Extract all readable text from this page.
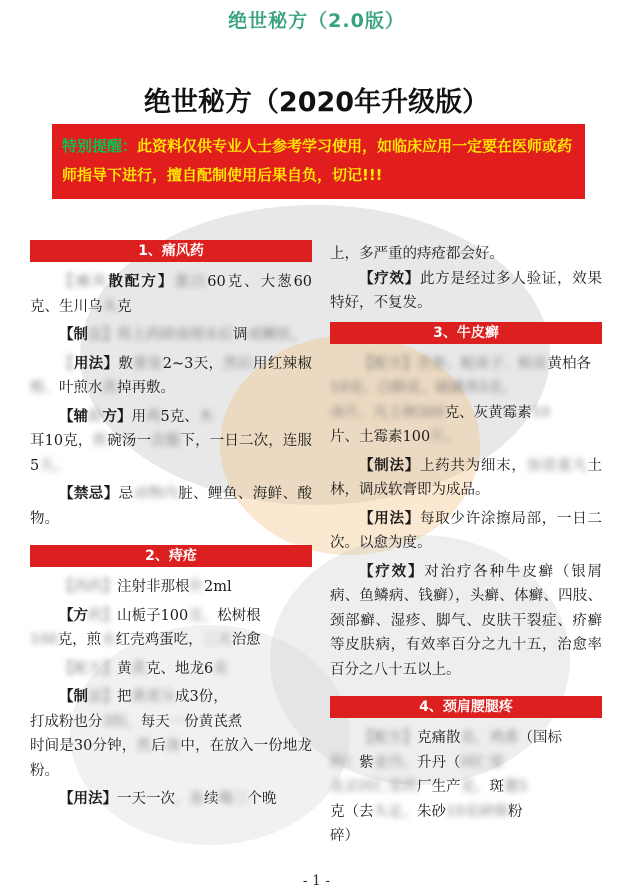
绝世秘方（2.0版）
绝世秘方（2020年升级版）
特别提醒：此资料仅供专业人士参考学习使用，如临床应用一定要在医师或药师指导下进行，擅自配制使用后果自负，切记!!!
1、痛风药
【痛风散配方】葱白60克、大葱60克、生川乌头克
【制法】将上药研成细末后调成糊状。
【用法】敷患处2~3天，然后用红辣椒根、叶煎水洗掉再敷。
【辅助方】用鸡5克、木
耳10克，煎碗汤一次服下，一日二次，连服5天。
【禁忌】忌动物内脏、鲤鱼、海鲜、酸物。
2、痔疮
【西药】注射非那根针2ml
【方药】山栀子100克、松树根
100克，煎水红壳鸡蛋吃，三天治愈
【配方】黄芪克、地龙6克
【制法】把黄芪分成3份，
打成粉也分3份，每天一份黄芪煮
时间是30分钟，然后汤中，在放入一份地龙粉。
【用法】一天一次，连续喝三个晚
上，多严重的痔疮都会好。
【疗效】此方是经过多人验证，效果特好，不复发。
3、牛皮癣
【配方】苦参、蛇床子、蛟皮黄柏各
10克、白鲜皮、硫磺各5克、
冰片、凡士林300克、灰黄霉素10
片、土霉素100片。
【制法】上药共为细末，加适量凡土林，调成软膏即为成品。
【用法】每取少许涂擦局部，一日二次。以愈为度。
【疗效】对治疗各种牛皮癣（银屑病、鱼鳞病、钱癣），头癣、体癣、四肢、颈部癣、湿疹、脚气、皮肤干裂症、疥癣等皮肤病，有效率百分之九十五，治愈率百分之八十五以上。
4、颈肩腰腿疼
【配方】克痛散克、鸡香（国标
的）紫金丹、升丹（同仁堂
北京同仁堂药厂生产克、斑蝥5
克（去头足、朱砂10克研细粉
碎）
- 1 -
